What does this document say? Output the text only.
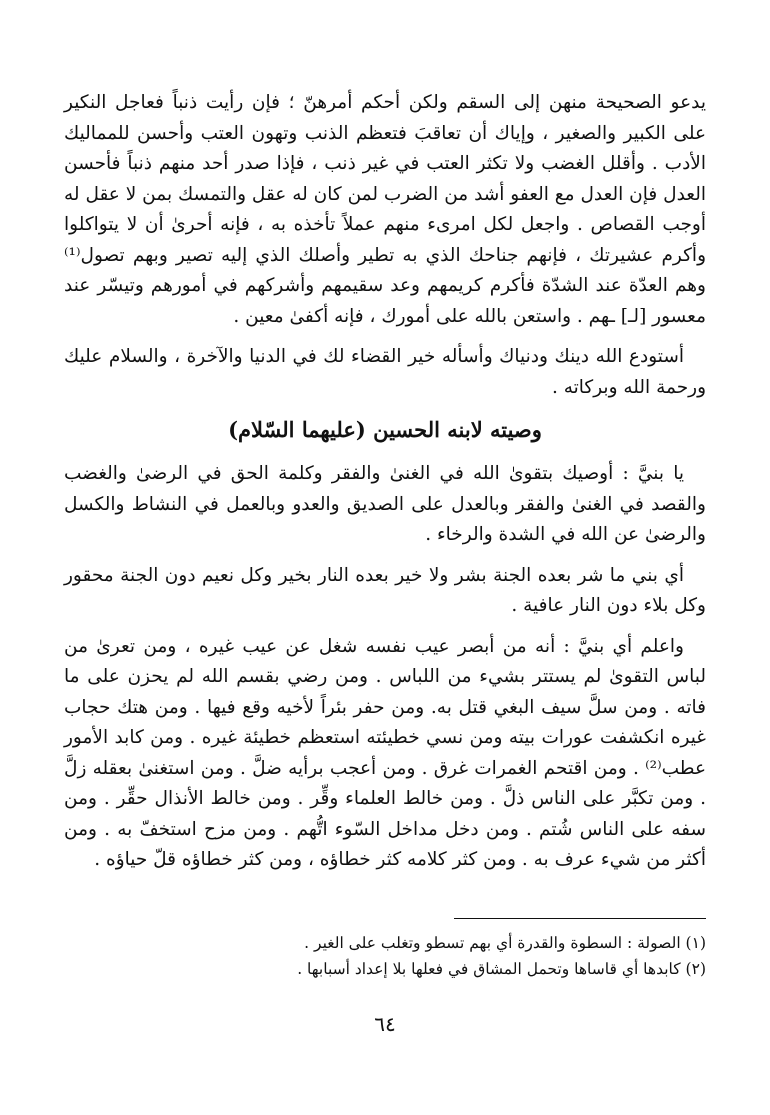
يدعو الصحيحة منهن إلى السقم ولكن أحكم أمرهنّ ؛ فإن رأيت ذنباً فعاجل النكير على الكبير والصغير ، وإياك أن تعاقبَ فتعظم الذنب وتهون العتب وأحسن للمماليك الأدب . وأقلل الغضب ولا تكثر العتب في غير ذنب ، فإذا صدر أحد منهم ذنباً فأحسن العدل فإن العدل مع العفو أشد من الضرب لمن كان له عقل والتمسك بمن لا عقل له أوجب القصاص . واجعل لكل امرىء منهم عملاً تأخذه به ، فإنه أحرىٰ أن لا يتواكلوا وأكرم عشيرتك ، فإنهم جناحك الذي به تطير وأصلك الذي إليه تصير وبهم تصول⁽¹⁾ وهم العدّة عند الشدّة فأكرم كريمهم وعد سقيمهم وأشركهم في أمورهم وتيسّر عند معسور [لـ] ـهم . واستعن بالله على أمورك ، فإنه أكفىٰ معين .

أستودع الله دينك ودنياك وأسأله خير القضاء لك في الدنيا والآخرة ، والسلام عليك ورحمة الله وبركاته .

وصيته لابنه الحسين (عليهما السّلام)

يا بنيَّ : أوصيك بتقوىٰ الله في الغنىٰ والفقر وكلمة الحق في الرضىٰ والغضب والقصد في الغنىٰ والفقر وبالعدل على الصديق والعدو وبالعمل في النشاط والكسل والرضىٰ عن الله في الشدة والرخاء .

أي بني ما شر بعده الجنة بشر ولا خير بعده النار بخير وكل نعيم دون الجنة محقور وكل بلاء دون النار عافية .

واعلم أي بنيَّ : أنه من أبصر عيب نفسه شغل عن عيب غيره ، ومن تعرىٰ من لباس التقوىٰ لم يستتر بشيء من اللباس . ومن رضي بقسم الله لم يحزن على ما فاته . ومن سلَّ سيف البغي قتل به. ومن حفر بئراً لأخيه وقع فيها . ومن هتك حجاب غيره انكشفت عورات بيته ومن نسي خطيئته استعظم خطيئة غيره . ومن كابد الأمور عطب⁽²⁾ . ومن اقتحم الغمرات غرق . ومن أعجب برأيه ضلَّ . ومن استغنىٰ بعقله زلَّ . ومن تكبَّر على الناس ذلَّ . ومن خالط العلماء وقِّر . ومن خالط الأنذال حقِّر . ومن سفه على الناس شُتم . ومن دخل مداخل السّوء اتُّهم . ومن مزح استخفّ به . ومن أكثر من شيء عرف به . ومن كثر كلامه كثر خطاؤه ، ومن كثر خطاؤه قلّ حياؤه .

(١) الصولة : السطوة والقدرة أي بهم تسطو وتغلب على الغير .

(٢) كابدها أي قاساها وتحمل المشاق في فعلها بلا إعداد أسبابها .

٦٤
